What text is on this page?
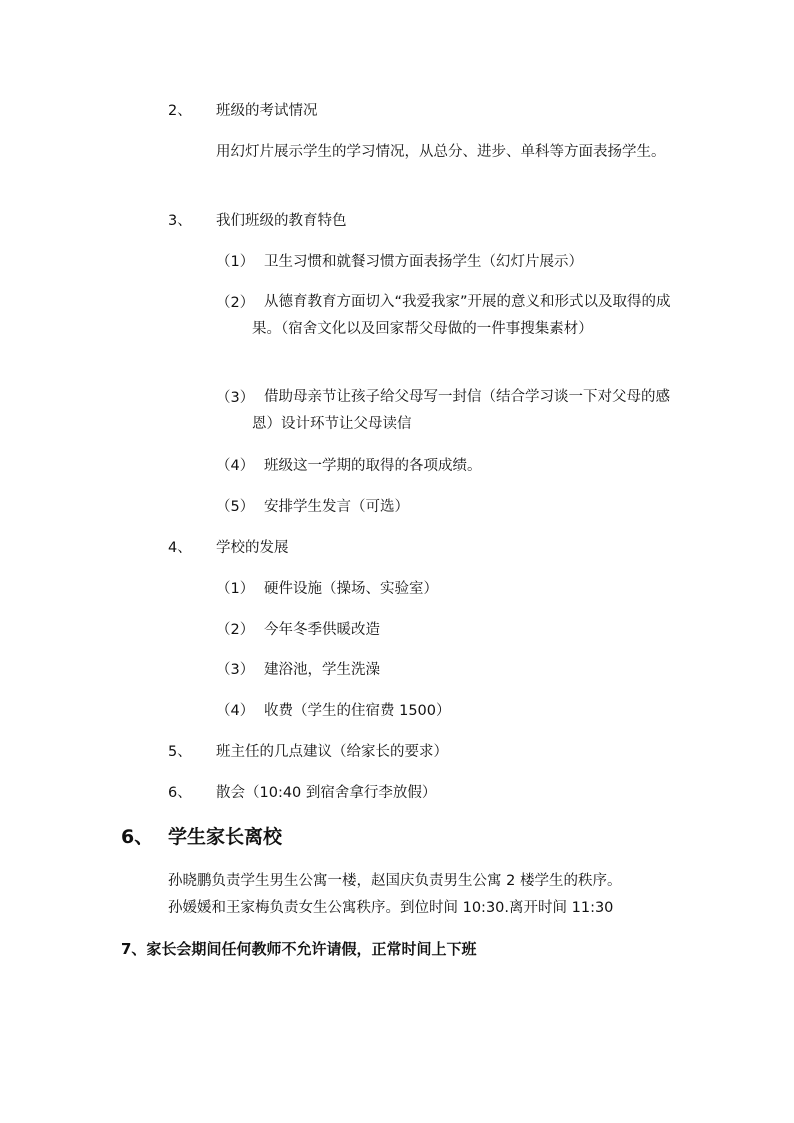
2、 班级的考试情况
用幻灯片展示学生的学习情况，从总分、进步、单科等方面表扬学生。
3、 我们班级的教育特色
（1） 卫生习惯和就餐习惯方面表扬学生（幻灯片展示）
（2） 从德育教育方面切入“我爱我家”开展的意义和形式以及取得的成果。（宿舍文化以及回家帮父母做的一件事搜集素材）
（3） 借助母亲节让孩子给父母写一封信（结合学习谈一下对父母的感恩）设计环节让父母读信
（4） 班级这一学期的取得的各项成绩。
（5） 安排学生发言（可选）
4、 学校的发展
（1） 硬件设施（操场、实验室）
（2） 今年冬季供暖改造
（3） 建浴池，学生洗澡
（4） 收费（学生的住宿费 1500）
5、 班主任的几点建议（给家长的要求）
6、 散会（10:40 到宿舍拿行李放假）
6、 学生家长离校
孙晓鹏负责学生男生公寓一楼，赵国庆负责男生公寓 2 楼学生的秩序。
孙媛媛和王家梅负责女生公寓秩序。到位时间 10:30.离开时间 11:30
7、家长会期间任何教师不允许请假，正常时间上下班
